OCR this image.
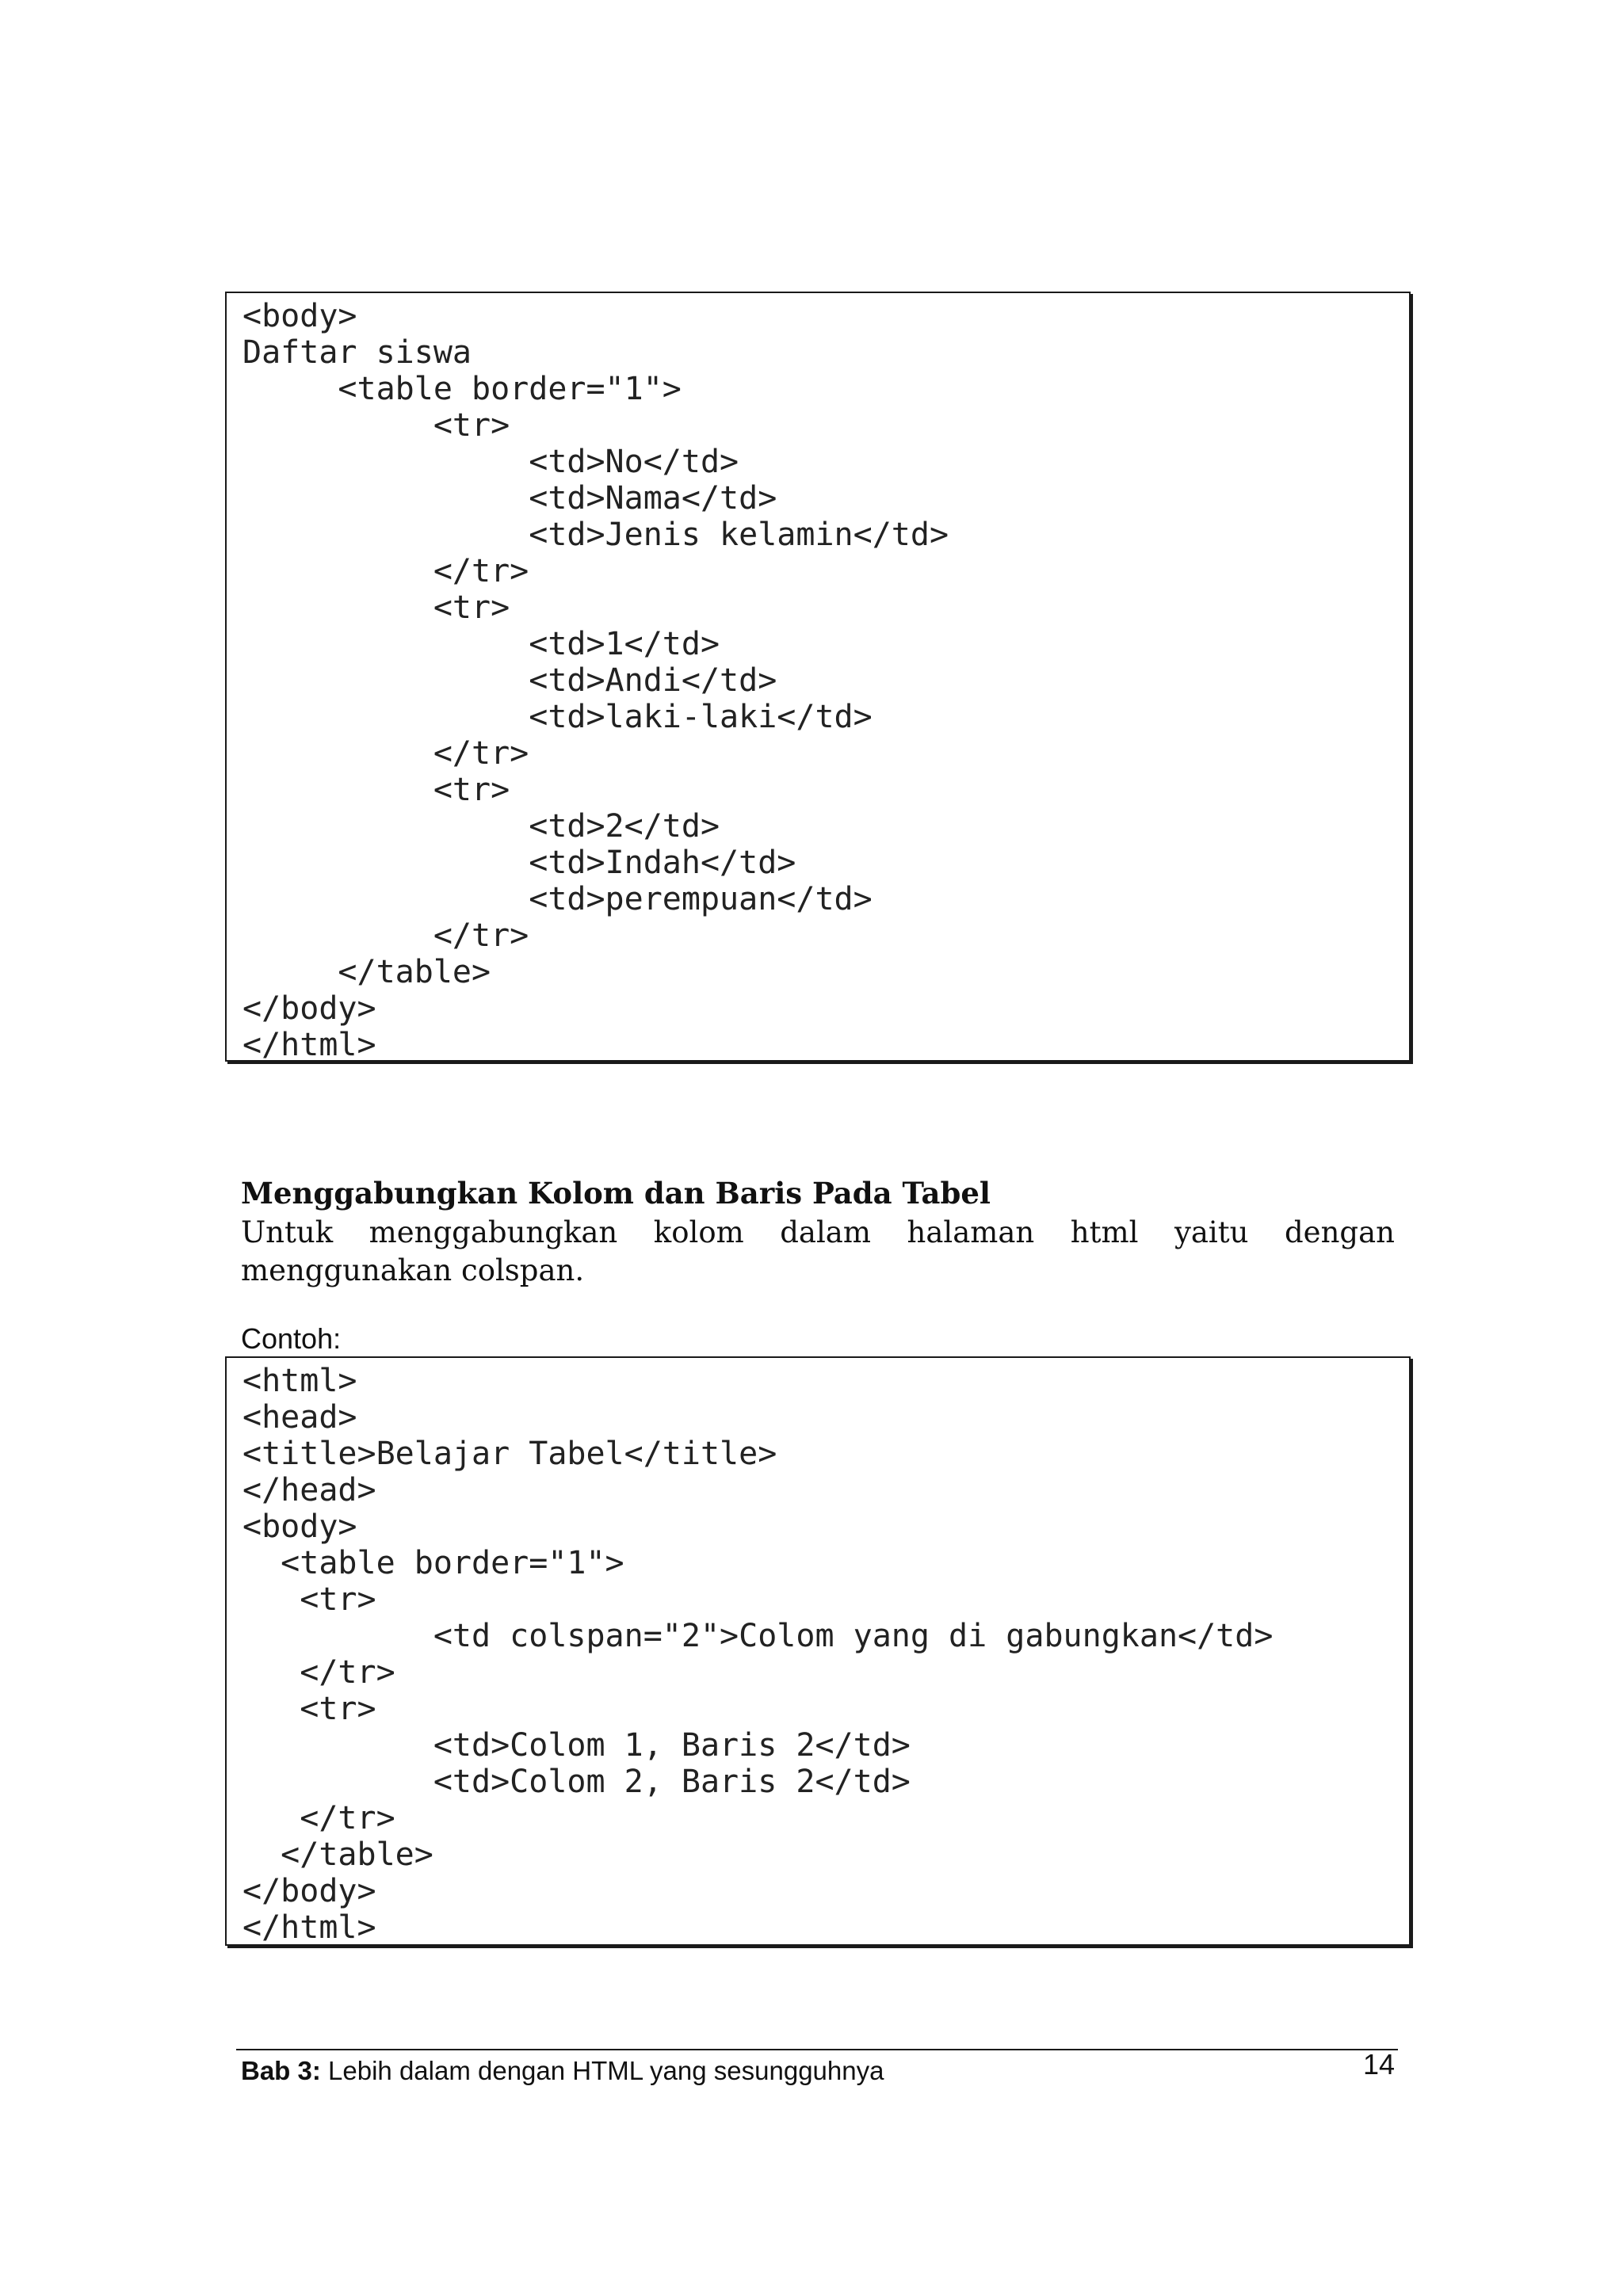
<body>
Daftar siswa
<table border="1">
<tr>
<td>No</td>
<td>Nama</td>
<td>Jenis kelamin</td>
</tr>
<tr>
<td>1</td>
<td>Andi</td>
<td>laki-laki</td>
</tr>
<tr>
<td>2</td>
<td>Indah</td>
<td>perempuan</td>
</tr>
</table>
</body>
</html>
Menggabungkan Kolom dan Baris Pada Tabel
Untuk menggabungkan kolom dalam halaman html yaitu dengan menggunakan colspan.
Contoh:
<html>
<head>
<title>Belajar Tabel</title>
</head>
<body>
<table border="1">
<tr>
<td colspan="2">Colom yang di gabungkan</td>
</tr>
<tr>
<td>Colom 1, Baris 2</td>
<td>Colom 2, Baris 2</td>
</tr>
</table>
</body>
</html>
Bab 3: Lebih dalam dengan HTML yang sesungguhnya	14
